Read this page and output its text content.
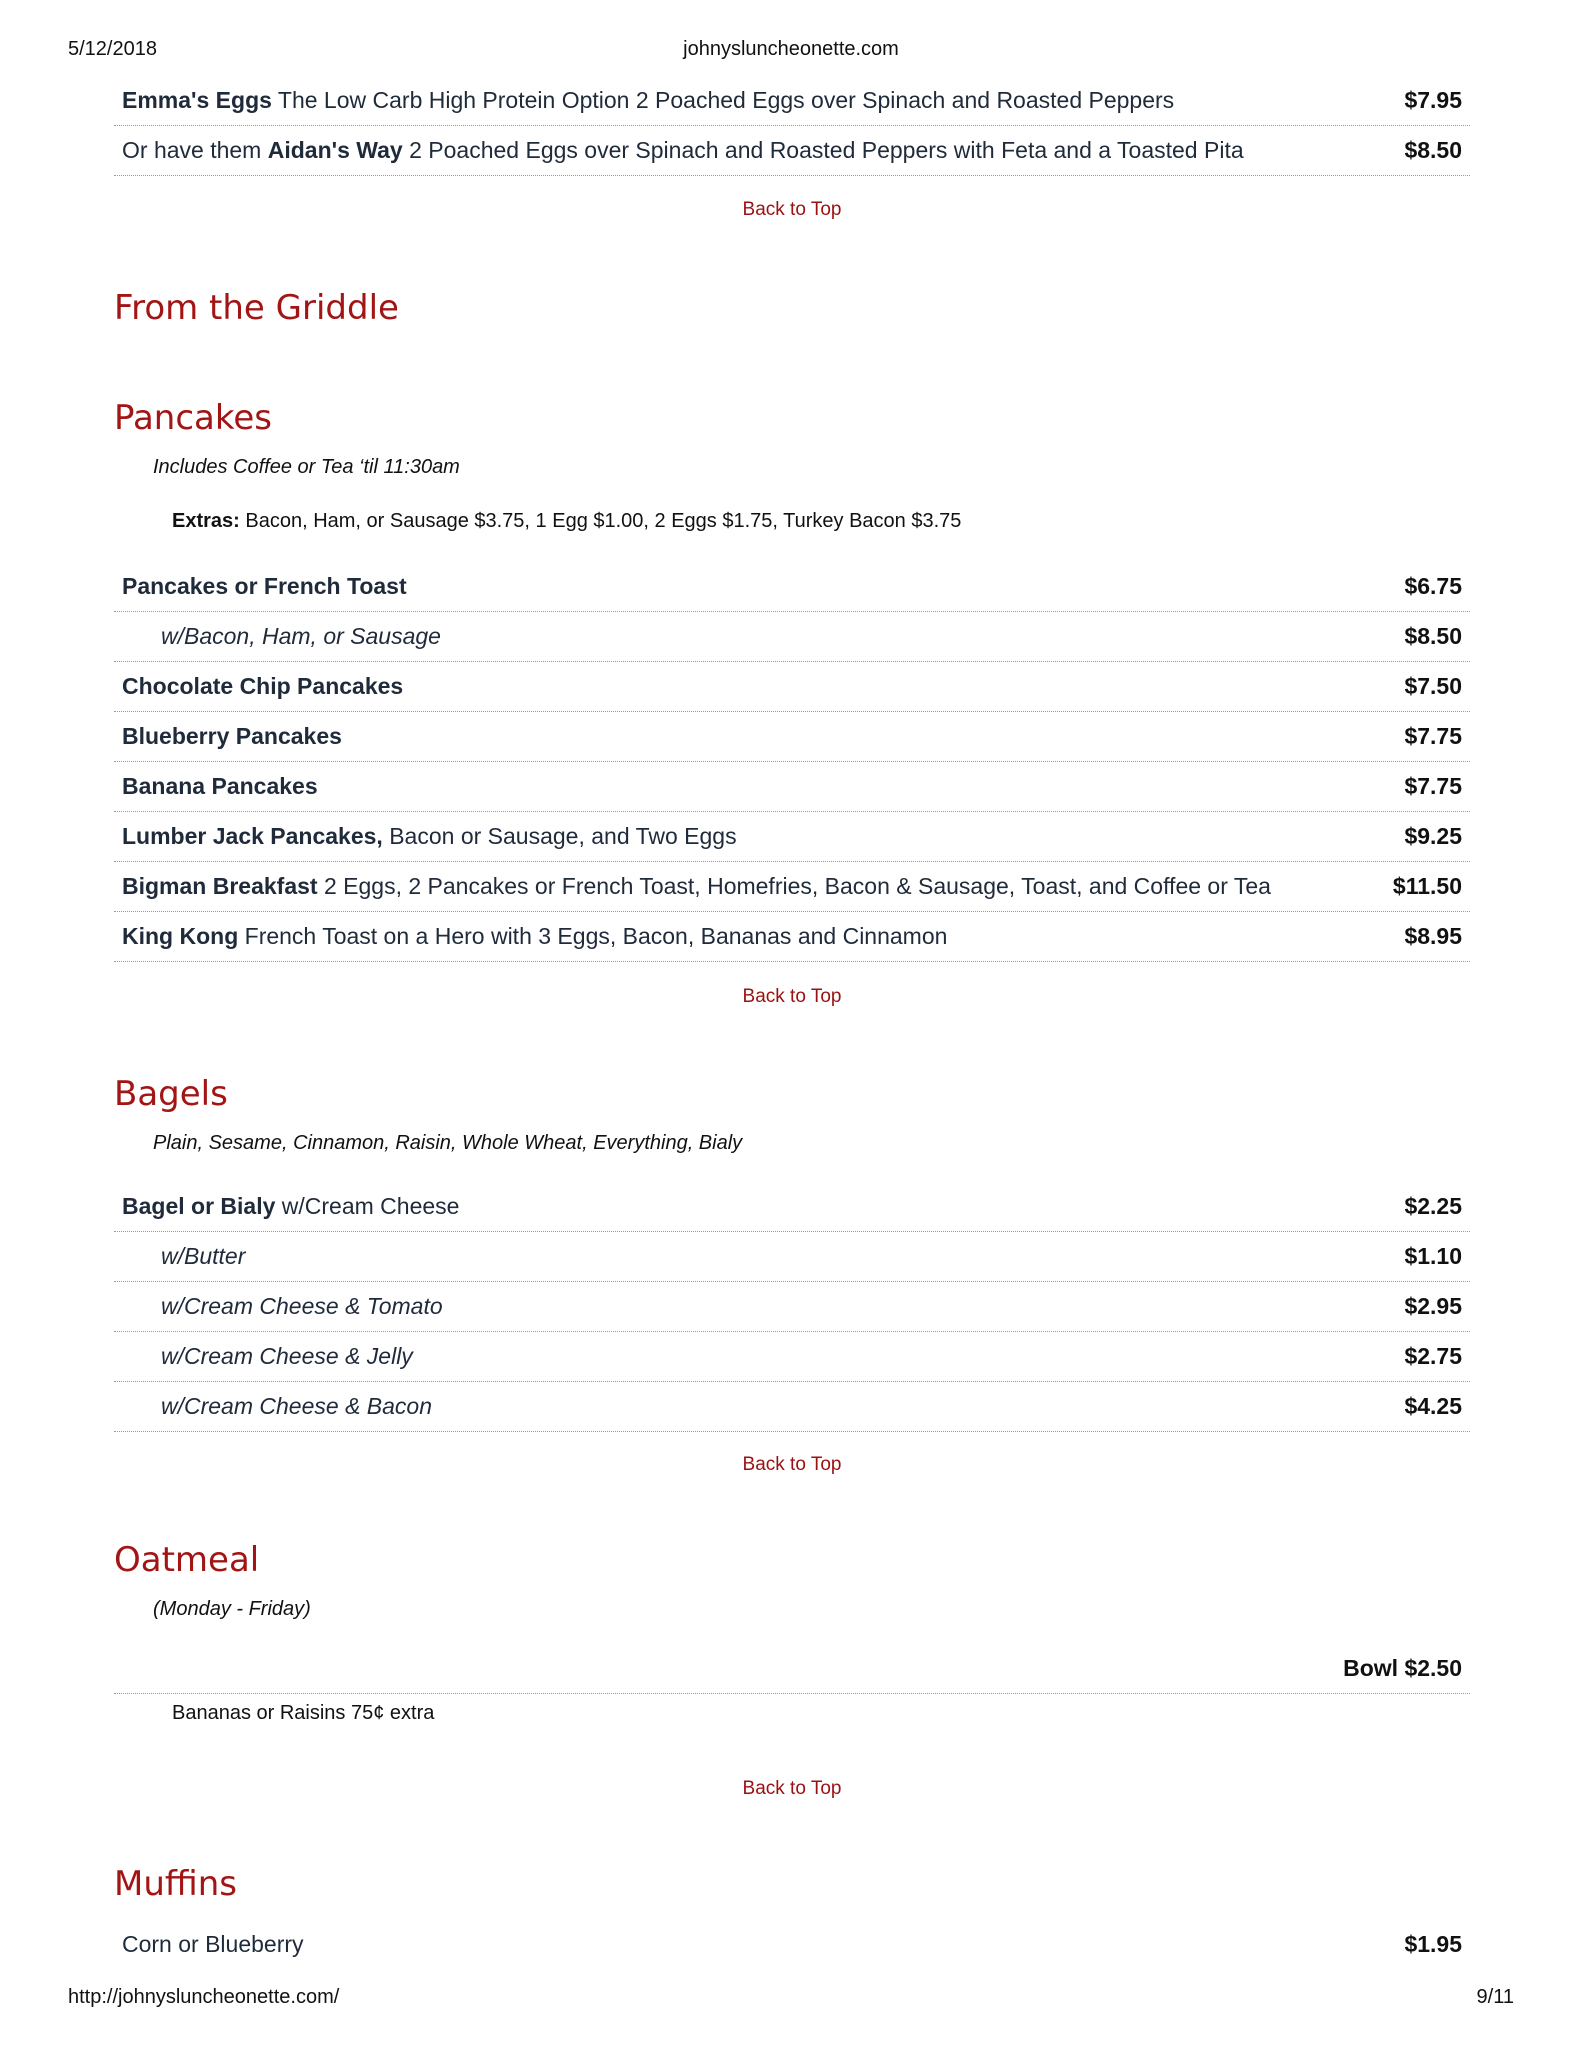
5/12/2018	johnysluncheonette.com
Emma's Eggs The Low Carb High Protein Option 2 Poached Eggs over Spinach and Roasted Peppers	$7.95
Or have them Aidan's Way 2 Poached Eggs over Spinach and Roasted Peppers with Feta and a Toasted Pita	$8.50
Back to Top
From the Griddle
Pancakes
Includes Coffee or Tea ‘til 11:30am
Extras: Bacon, Ham, or Sausage $3.75, 1 Egg $1.00, 2 Eggs $1.75, Turkey Bacon $3.75
Pancakes or French Toast	$6.75
w/Bacon, Ham, or Sausage	$8.50
Chocolate Chip Pancakes	$7.50
Blueberry Pancakes	$7.75
Banana Pancakes	$7.75
Lumber Jack Pancakes, Bacon or Sausage, and Two Eggs	$9.25
Bigman Breakfast 2 Eggs, 2 Pancakes or French Toast, Homefries, Bacon & Sausage, Toast, and Coffee or Tea	$11.50
King Kong French Toast on a Hero with 3 Eggs, Bacon, Bananas and Cinnamon	$8.95
Back to Top
Bagels
Plain, Sesame, Cinnamon, Raisin, Whole Wheat, Everything, Bialy
Bagel or Bialy w/Cream Cheese	$2.25
w/Butter	$1.10
w/Cream Cheese & Tomato	$2.95
w/Cream Cheese & Jelly	$2.75
w/Cream Cheese & Bacon	$4.25
Back to Top
Oatmeal
(Monday - Friday)
Bowl $2.50
Bananas or Raisins 75¢ extra
Back to Top
Muffins
Corn or Blueberry	$1.95
http://johnysluncheonette.com/	9/11
